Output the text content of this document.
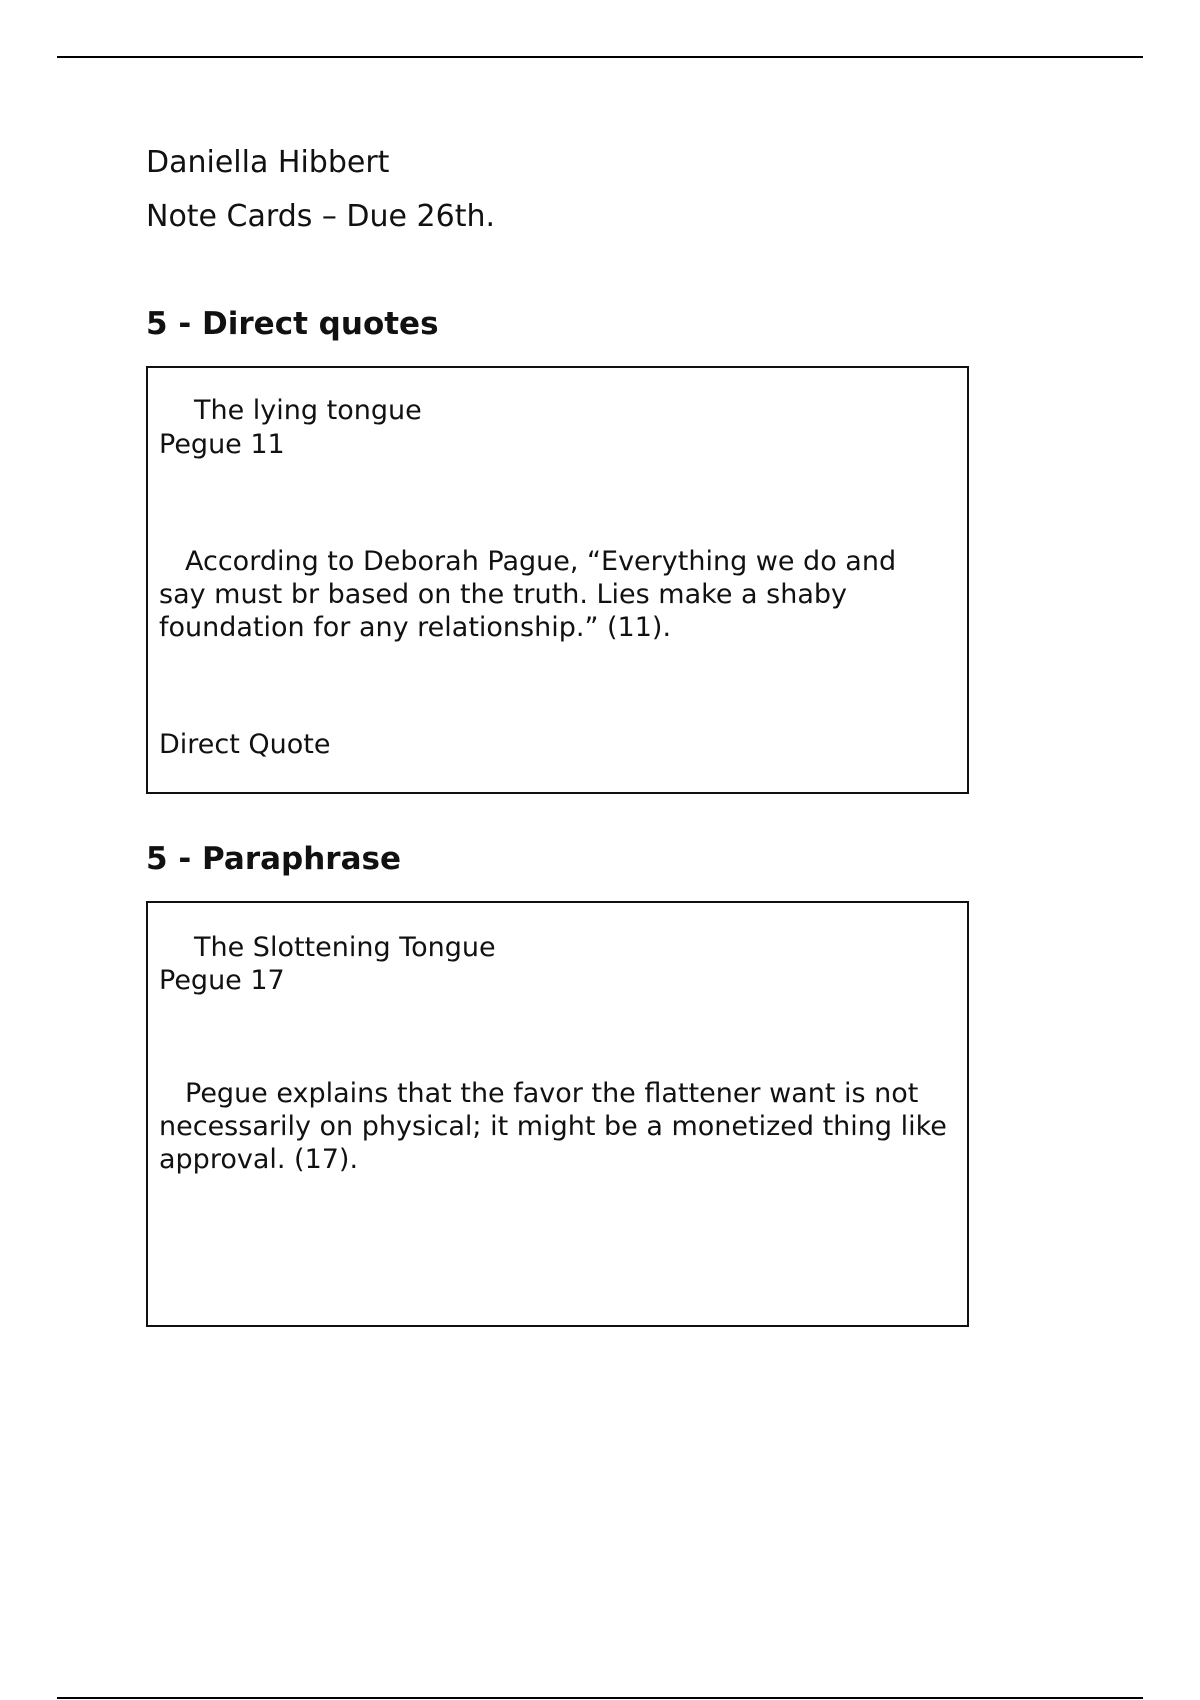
Daniella Hibbert
Note Cards – Due 26th.
5 - Direct quotes
The lying tongue
Pegue 11
According to Deborah Pague, “Everything we do and say must br based on the truth. Lies make a shaby foundation for any relationship.” (11).
Direct Quote
5 - Paraphrase
The Slottening Tongue
Pegue 17
Pegue explains that the favor the flattener want is not necessarily on physical; it might be a monetized thing like approval. (17).
